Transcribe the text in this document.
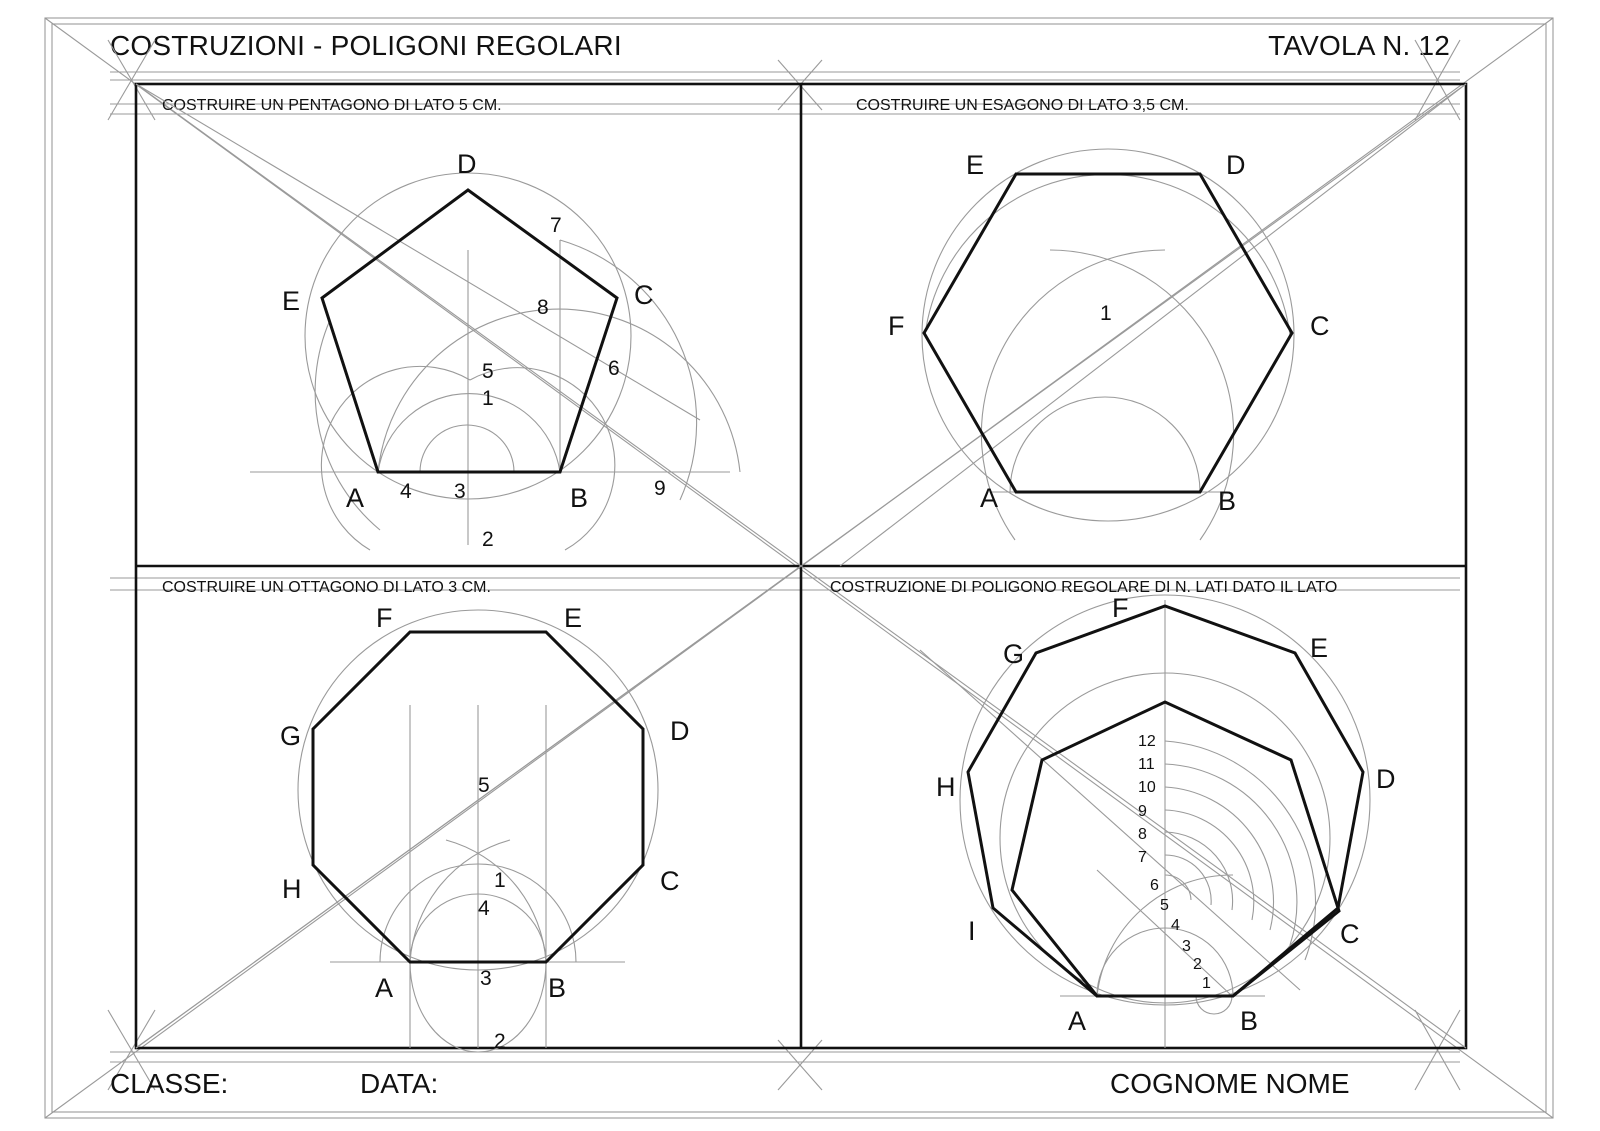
COSTRUZIONI - POLIGONI REGOLARI	TAVOLA N. 12
COSTRUIRE UN PENTAGONO DI LATO 5 CM.
A	B
C
D
E
1
2
3
4
5	6
7
8
9
COSTRUIRE UN ESAGONO DI LATO 3,5 CM.
A	B
C
D
E
F	1
COSTRUIRE UN OTTAGONO DI LATO 3 CM.
A	B
C
D
E
F
G
H	1
2
3
4
5
COSTRUZIONE DI POLIGONO REGOLARE DI N. LATI DATO IL LATO
A	B
C
D
E
F
G
H
I
1
2
3
4
5
6
7
8
9
10
11
12
CLASSE:	DATA:	COGNOME NOME
